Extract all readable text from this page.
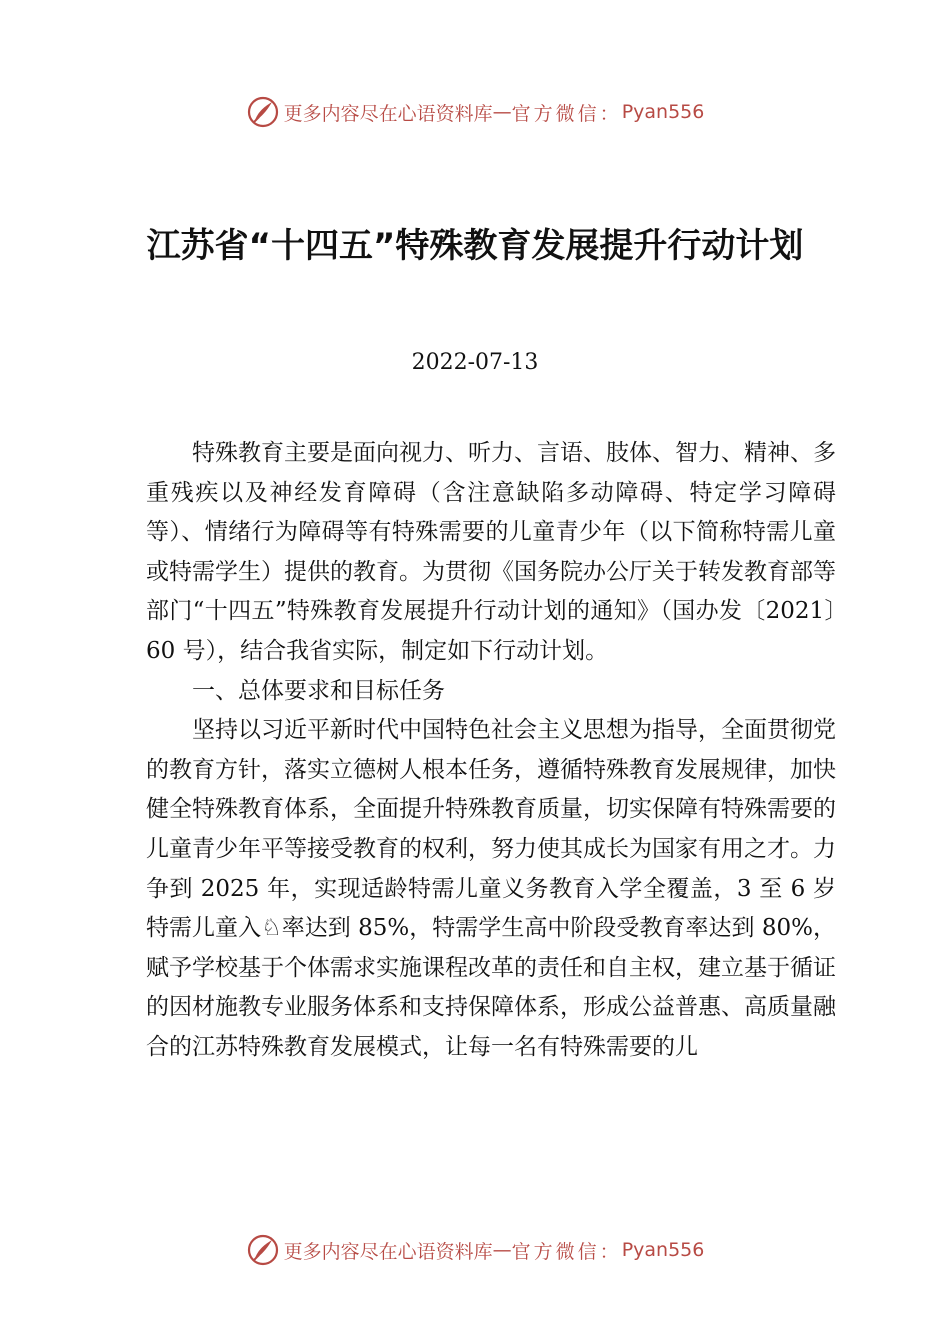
更多内容尽在心语资料库 — 官方微信： Pyan556
江苏省“十四五”特殊教育发展提升行动计划
2022-07-13

特殊教育主要是面向视力、听力、言语、肢体、智力、精神、多重残疾以及神经发育障碍（含注意缺陷多动障碍、特定学习障碍等）、情绪行为障碍等有特殊需要的儿童青少年（以下简称特需儿童或特需学生）提供的教育。为贯彻《国务院办公厅关于转发教育部等部门“十四五”特殊教育发展提升行动计划的通知》（国办发〔2021〕60 号），结合我省实际，制定如下行动计划。

一、总体要求和目标任务

坚持以习近平新时代中国特色社会主义思想为指导，全面贯彻党的教育方针，落实立德树人根本任务，遵循特殊教育发展规律，加快健全特殊教育体系，全面提升特殊教育质量，切实保障有特殊需要的儿童青少年平等接受教育的权利，努力使其成长为国家有用之才。力争到 2025 年，实现适龄特需儿童义务教育入学全覆盖，3 至 6 岁特需儿童入♘率达到 85%，特需学生高中阶段受教育率达到 80%，赋予学校基于个体需求实施课程改革的责任和自主权，建立基于循证的因材施教专业服务体系和支持保障体系，形成公益普惠、高质量融合的江苏特殊教育发展模式，让每一名有特殊需要的儿

更多内容尽在心语资料库 — 官方微信： Pyan556
